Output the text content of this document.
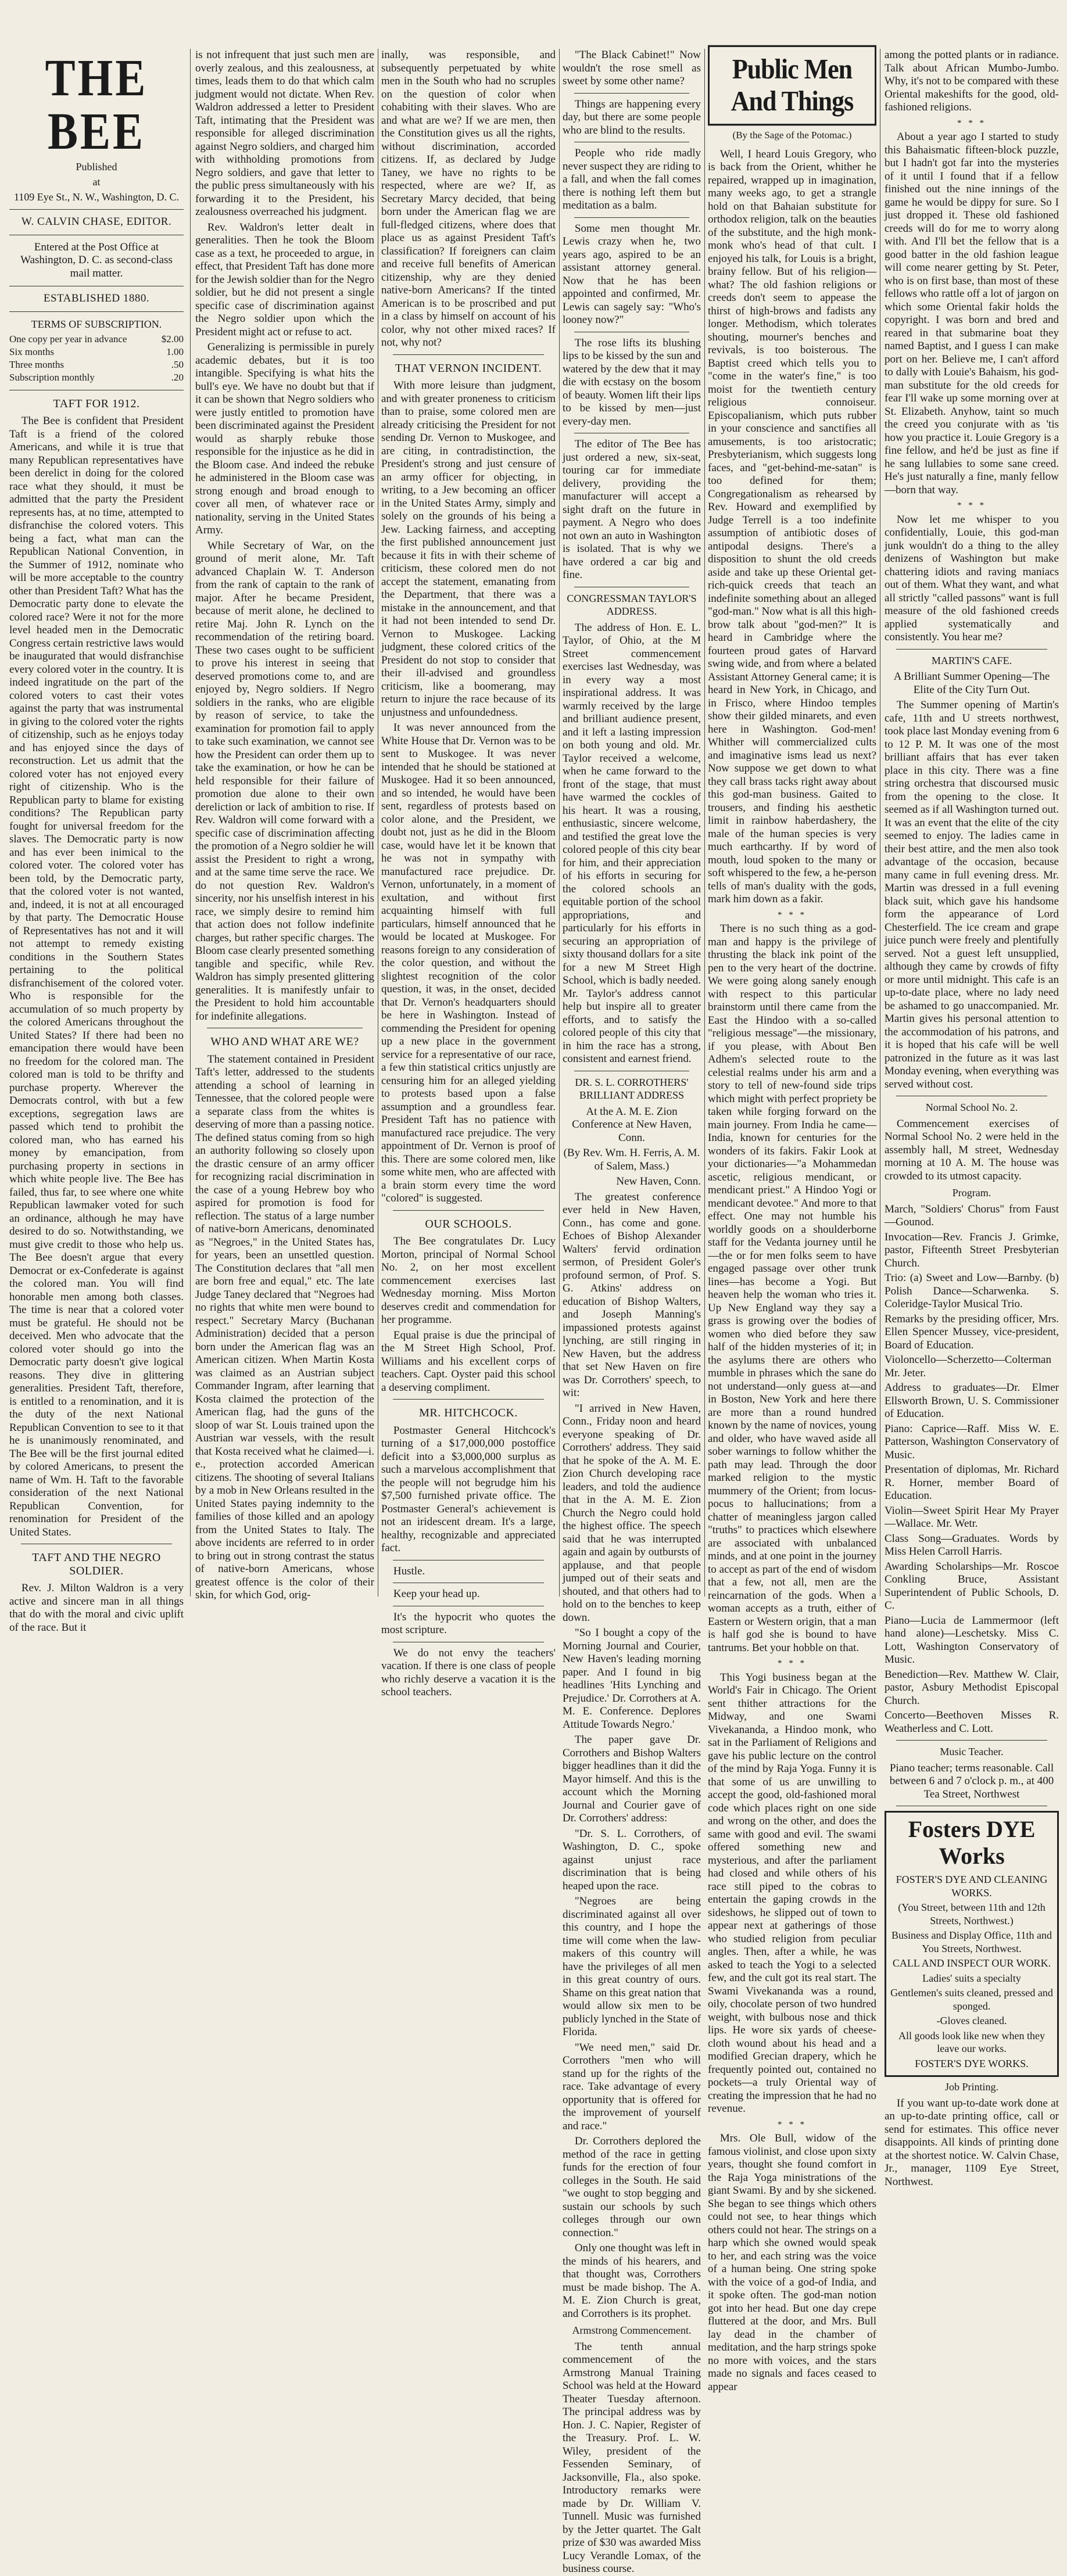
THE BEE
Published
at
1109 Eye St., N. W., Washington, D. C.
W. CALVIN CHASE, EDITOR.

Entered at the Post Office at Washington, D. C. as second-class mail matter.

ESTABLISHED 1880.
TERMS OF SUBSCRIPTION.
One copy per year in advance	$2.00
Six months	1.00
Three months	.50
Subscription monthly	.20
TAFT FOR 1912.

The Bee is confident that President Taft is a friend of the colored Americans, and while it is true that many Republican representatives have been derelict in doing for the colored race what they should, it must be admitted that the party the President represents has, at no time, attempted to disfranchise the colored voters. This being a fact, what man can the Republican National Convention, in the Summer of 1912, nominate who will be more acceptable to the country other than President Taft? What has the Democratic party done to elevate the colored race? Were it not for the more level headed men in the Democratic Congress certain restrictive laws would be inaugurated that would disfranchise every colored voter in the country. It is indeed ingratitude on the part of the colored voters to cast their votes against the party that was instrumental in giving to the colored voter the rights of citizenship, such as he enjoys today and has enjoyed since the days of reconstruction. Let us admit that the colored voter has not enjoyed every right of citizenship. Who is the Republican party to blame for existing conditions? The Republican party fought for universal freedom for the slaves. The Democratic party is now and has ever been inimical to the colored voter. The colored voter has been told, by the Democratic party, that the colored voter is not wanted, and, indeed, it is not at all encouraged by that party. The Democratic House of Representatives has not and it will not attempt to remedy existing conditions in the Southern States pertaining to the political disfranchisement of the colored voter. Who is responsible for the accumulation of so much property by the colored Americans throughout the United States? If there had been no emancipation there would have been no freedom for the colored man. The colored man is told to be thrifty and purchase property. Wherever the Democrats control, with but a few exceptions, segregation laws are passed which tend to prohibit the colored man, who has earned his money by emancipation, from purchasing property in sections in which white people live. The Bee has failed, thus far, to see where one white Republican lawmaker voted for such an ordinance, although he may have desired to do so. Notwithstanding, we must give credit to those who help us. The Bee doesn't argue that every Democrat or ex-Confederate is against the colored man. You will find honorable men among both classes. The time is near that a colored voter must be grateful. He should not be deceived. Men who advocate that the colored voter should go into the Democratic party doesn't give logical reasons. They dive in glittering generalities. President Taft, therefore, is entitled to a renomination, and it is the duty of the next National Republican Convention to see to it that he is unanimously renominated, and The Bee will be the first journal edited by colored Americans, to present the name of Wm. H. Taft to the favorable consideration of the next National Republican Convention, for renomination for President of the United States.

TAFT AND THE NEGRO SOLDIER.

Rev. J. Milton Waldron is a very active and sincere man in all things that do with the moral and civic uplift of the race. But it

is not infrequent that just such men are overly zealous, and this zealousness, at times, leads them to do that which calm judgment would not dictate. When Rev. Waldron addressed a letter to President Taft, intimating that the President was responsible for alleged discrimination against Negro soldiers, and charged him with withholding promotions from Negro soldiers, and gave that letter to the public press simultaneously with his forwarding it to the President, his zealousness overreached his judgment.

Rev. Waldron's letter dealt in generalities. Then he took the Bloom case as a text, he proceeded to argue, in effect, that President Taft has done more for the Jewish soldier than for the Negro soldier, but he did not present a single specific case of discrimination against the Negro soldier upon which the President might act or refuse to act.

Generalizing is permissible in purely academic debates, but it is too intangible. Specifying is what hits the bull's eye. We have no doubt but that if it can be shown that Negro soldiers who were justly entitled to promotion have been discriminated against the President would as sharply rebuke those responsible for the injustice as he did in the Bloom case. And indeed the rebuke he administered in the Bloom case was strong enough and broad enough to cover all men, of whatever race or nationality, serving in the United States Army.

While Secretary of War, on the ground of merit alone, Mr. Taft advanced Chaplain W. T. Anderson from the rank of captain to the rank of major. After he became President, because of merit alone, he declined to retire Maj. John R. Lynch on the recommendation of the retiring board. These two cases ought to be sufficient to prove his interest in seeing that deserved promotions come to, and are enjoyed by, Negro soldiers. If Negro soldiers in the ranks, who are eligible by reason of service, to take the examination for promotion fail to apply to take such examination, we cannot see how the President can order them up to take the examination, or how he can be held responsible for their failure of promotion due alone to their own dereliction or lack of ambition to rise. If Rev. Waldron will come forward with a specific case of discrimination affecting the promotion of a Negro soldier he will assist the President to right a wrong, and at the same time serve the race. We do not question Rev. Waldron's sincerity, nor his unselfish interest in his race, we simply desire to remind him that action does not follow indefinite charges, but rather specific charges. The Bloom case clearly presented something tangible and specific, while Rev. Waldron has simply presented glittering generalities. It is manifestly unfair to the President to hold him accountable for indefinite allegations.

WHO AND WHAT ARE WE?

The statement contained in President Taft's letter, addressed to the students attending a school of learning in Tennessee, that the colored people were a separate class from the whites is deserving of more than a passing notice. The defined status coming from so high an authority following so closely upon the drastic censure of an army officer for recognizing racial discrimination in the case of a young Hebrew boy who aspired for promotion is food for reflection. The status of a large number of native-born Americans, denominated as "Negroes," in the United States has, for years, been an unsettled question. The Constitution declares that "all men are born free and equal," etc. The late Judge Taney declared that "Negroes had no rights that white men were bound to respect." Secretary Marcy (Buchanan Administration) decided that a person born under the American flag was an American citizen. When Martin Kosta was claimed as an Austrian subject Commander Ingram, after learning that Kosta claimed the protection of the American flag, had the guns of the sloop of war St. Louis trained upon the Austrian war vessels, with the result that Kosta received what he claimed—i. e., protection accorded American citizens. The shooting of several Italians by a mob in New Orleans resulted in the United States paying indemnity to the families of those killed and an apology from the United States to Italy. The above incidents are referred to in order to bring out in strong contrast the status of native-born Americans, whose greatest offence is the color of their skin, for which God, orig-

inally, was responsible, and subsequently perpetuated by white men in the South who had no scruples on the question of color when cohabiting with their slaves. Who are and what are we? If we are men, then the Constitution gives us all the rights, without discrimination, accorded citizens. If, as declared by Judge Taney, we have no rights to be respected, where are we? If, as Secretary Marcy decided, that being born under the American flag we are full-fledged citizens, where does that place us as against President Taft's classification? If foreigners can claim and receive full benefits of American citizenship, why are they denied native-born Americans? If the tinted American is to be proscribed and put in a class by himself on account of his color, why not other mixed races? If not, why not?

THAT VERNON INCIDENT.

With more leisure than judgment, and with greater proneness to criticism than to praise, some colored men are already criticising the President for not sending Dr. Vernon to Muskogee, and are citing, in contradistinction, the President's strong and just censure of an army officer for objecting, in writing, to a Jew becoming an officer in the United States Army, simply and solely on the grounds of his being a Jew. Lacking fairness, and accepting the first published announcement just because it fits in with their scheme of criticism, these colored men do not accept the statement, emanating from the Department, that there was a mistake in the announcement, and that it had not been intended to send Dr. Vernon to Muskogee. Lacking judgment, these colored critics of the President do not stop to consider that their ill-advised and groundless criticism, like a boomerang, may return to injure the race because of its unjustness and unfoundedness.

It was never announced from the White House that Dr. Vernon was to be sent to Muskogee. It was never intended that he should be stationed at Muskogee. Had it so been announced, and so intended, he would have been sent, regardless of protests based on color alone, and the President, we doubt not, just as he did in the Bloom case, would have let it be known that he was not in sympathy with manufactured race prejudice. Dr. Vernon, unfortunately, in a moment of exultation, and without first acquainting himself with full particulars, himself announced that he would be located at Muskogee. For reasons foreign to any consideration of the color question, and without the slightest recognition of the color question, it was, in the onset, decided that Dr. Vernon's headquarters should be here in Washington. Instead of commending the President for opening up a new place in the government service for a representative of our race, a few thin statistical critics unjustly are censuring him for an alleged yielding to protests based upon a false assumption and a groundless fear. President Taft has no patience with manufactured race prejudice. The very appointment of Dr. Vernon is proof of this. There are some colored men, like some white men, who are affected with a brain storm every time the word "colored" is suggested.

OUR SCHOOLS.

The Bee congratulates Dr. Lucy Morton, principal of Normal School No. 2, on her most excellent commencement exercises last Wednesday morning. Miss Morton deserves credit and commendation for her programme.

Equal praise is due the principal of the M Street High School, Prof. Williams and his excellent corps of teachers. Capt. Oyster paid this school a deserving compliment.

MR. HITCHCOCK.

Postmaster General Hitchcock's turning of a $17,000,000 postoffice deficit into a $3,000,000 surplus as such a marvelous accomplishment that the people will not begrudge him his $7,500 furnished private office. The Postmaster General's achievement is not an iridescent dream. It's a large, healthy, recognizable and appreciated fact.

Hustle.

Keep your head up.

It's the hypocrit who quotes the most scripture.

We do not envy the teachers' vacation. If there is one class of people who richly deserve a vacation it is the school teachers.

"The Black Cabinet!" Now wouldn't the rose smell as sweet by some other name?

Things are happening every day, but there are some people who are blind to the results.

People who ride madly never suspect they are riding to a fall, and when the fall comes there is nothing left them but meditation as a balm.

Some men thought Mr. Lewis crazy when he, two years ago, aspired to be an assistant attorney general. Now that he has been appointed and confirmed, Mr. Lewis can sagely say: "Who's looney now?"

The rose lifts its blushing lips to be kissed by the sun and watered by the dew that it may die with ecstasy on the bosom of beauty. Women lift their lips to be kissed by men—just every-day men.

The editor of The Bee has just ordered a new, six-seat, touring car for immediate delivery, providing the manufacturer will accept a sight draft on the future in payment. A Negro who does not own an auto in Washington is isolated. That is why we have ordered a car big and fine.

CONGRESSMAN TAYLOR'S ADDRESS.

The address of Hon. E. L. Taylor, of Ohio, at the M Street commencement exercises last Wednesday, was in every way a most inspirational address. It was warmly received by the large and brilliant audience present, and it left a lasting impression on both young and old. Mr. Taylor received a welcome, when he came forward to the front of the stage, that must have warmed the cockles of his heart. It was a rousing, enthusiastic, sincere welcome, and testified the great love the colored people of this city bear for him, and their appreciation of his efforts in securing for the colored schools an equitable portion of the school appropriations, and particularly for his efforts in securing an appropriation of sixty thousand dollars for a site for a new M Street High School, which is badly needed. Mr. Taylor's address cannot help but inspire all to greater efforts, and to satisfy the colored people of this city that in him the race has a strong, consistent and earnest friend.

DR. S. L. CORROTHERS' BRILLIANT ADDRESS

At the A. M. E. Zion Conference at New Haven, Conn.

(By Rev. Wm. H. Ferris, A. M. of Salem, Mass.)

New Haven, Conn.

The greatest conference ever held in New Haven, Conn., has come and gone. Echoes of Bishop Alexander Walters' fervid ordination sermon, of President Goler's profound sermon, of Prof. S. G. Atkins' address on education of Bishop Walters, and Joseph Manning's impassioned protests against lynching, are still ringing in New Haven, but the address that set New Haven on fire was Dr. Corrothers' speech, to wit:

"I arrived in New Haven, Conn., Friday noon and heard everyone speaking of Dr. Corrothers' address. They said that he spoke of the A. M. E. Zion Church developing race leaders, and told the audience that in the A. M. E. Zion Church the Negro could hold the highest office. The speech said that he was interrupted again and again by outbursts of applause, and that people jumped out of their seats and shouted, and that others had to hold on to the benches to keep down.

"So I bought a copy of the Morning Journal and Courier, New Haven's leading morning paper. And I found in big headlines 'Hits Lynching and Prejudice.' Dr. Corrothers at A. M. E. Conference. Deplores Attitude Towards Negro.'

The paper gave Dr. Corrothers and Bishop Walters bigger headlines than it did the Mayor himself. And this is the account which the Morning Journal and Courier gave of Dr. Corrothers' address:

"Dr. S. L. Corrothers, of Washington, D. C., spoke against unjust race discrimination that is being heaped upon the race.

"Negroes are being discriminated against all over this country, and I hope the time will come when the law-makers of this country will have the privileges of all men in this great country of ours. Shame on this great nation that would allow six men to be publicly lynched in the State of Florida.

"We need men," said Dr. Corrothers "men who will stand up for the rights of the race. Take advantage of every opportunity that is offered for the improvement of yourself and race."

Dr. Corrothers deplored the method of the race in getting funds for the erection of four colleges in the South. He said "we ought to stop begging and sustain our schools by such colleges through our own connection."

Only one thought was left in the minds of his hearers, and that thought was, Corrothers must be made bishop. The A. M. E. Zion Church is great, and Corrothers is its prophet.

Armstrong Commencement.

The tenth annual commencement of the Armstrong Manual Training School was held at the Howard Theater Tuesday afternoon. The principal address was by Hon. J. C. Napier, Register of the Treasury. Prof. L. W. Wiley, president of the Fessenden Seminary, of Jacksonville, Fla., also spoke. Introductory remarks were made by Dr. William V. Tunnell. Music was furnished by the Jetter quartet. The Galt prize of $30 was awarded Miss Lucy Verandle Lomax, of the business course.

Public Men And Things
(By the Sage of the Potomac.)

Well, I heard Louis Gregory, who is back from the Orient, whither he repaired, wrapped up in imagination, many weeks ago, to get a strangle hold on that Bahaian substitute for orthodox religion, talk on the beauties of the substitute, and the high monk-monk who's head of that cult. I enjoyed his talk, for Louis is a bright, brainy fellow. But of his religion—what? The old fashion religions or creeds don't seem to appease the thirst of high-brows and fadists any longer. Methodism, which tolerates shouting, mourner's benches and revivals, is too boisterous. The Baptist creed which tells you to "come in the water's fine," is too moist for the twentieth century religious connoiseur. Episcopalianism, which puts rubber in your conscience and sanctifies all amusements, is too aristocratic; Presbyterianism, which suggests long faces, and "get-behind-me-satan" is too defined for them; Congregationalism as rehearsed by Rev. Howard and exemplified by Judge Terrell is a too indefinite assumption of antibiotic doses of antipodal designs. There's a disposition to shunt the old creeds aside and take up these Oriental get-rich-quick creeds that teach an indefinite something about an alleged "god-man." Now what is all this high-brow talk about "god-men?" It is heard in Cambridge where the fourteen proud gates of Harvard swing wide, and from where a belated Assistant Attorney General came; it is heard in New York, in Chicago, and in Frisco, where Hindoo temples show their gilded minarets, and even here in Washington. God-men! Whither will commercialized cults and imaginative isms lead us next? Now suppose we get down to what they call brass tacks right away about this god-man business. Gaited to trousers, and finding his aesthetic limit in rainbow haberdashery, the male of the human species is very much earthcarthy. If by word of mouth, loud spoken to the many or soft whispered to the few, a he-person tells of man's duality with the gods, mark him down as a fakir.

* * *

There is no such thing as a god-man and happy is the privilege of thrusting the black ink point of the pen to the very heart of the doctrine. We were going along sanely enough with respect to this particular brainstorm until there came from the East the Hindoo with a so-called "religious message"—the missionary, if you please, with About Ben Adhem's selected route to the celestial realms under his arm and a story to tell of new-found side trips which might with perfect propriety be taken while forging forward on the main journey. From India he came—India, known for centuries for the wonders of its fakirs. Fakir Look at your dictionaries—"a Mohammedan ascetic, religious mendicant, or mendicant priest." A Hindoo Yogi or mendicant devotee." And more to that effect. One may not humble his worldly goods on a shoulderborne staff for the Vedanta journey until he—the or for men folks seem to have engaged passage over other trunk lines—has become a Yogi. But heaven help the woman who tries it. Up New England way they say a grass is growing over the bodies of women who died before they saw half of the hidden mysteries of it; in the asylums there are others who mumble in phrases which the sane do not understand—only guess at—and in Boston, New York and here there are more than a round hundred known by the name of novices, young and older, who have waved aside all sober warnings to follow whither the path may lead. Through the door marked religion to the mystic mummery of the Orient; from locus-pocus to hallucinations; from a chatter of meaningless jargon called "truths" to practices which elsewhere are associated with unbalanced minds, and at one point in the journey to accept as part of the end of wisdom that a few, not all, men are the reincarnation of the gods. When a woman accepts as a truth, either of Eastern or Western origin, that a man is half god she is bound to have tantrums. Bet your hobble on that.

* * *

This Yogi business began at the World's Fair in Chicago. The Orient sent thither attractions for the Midway, and one Swami Vivekananda, a Hindoo monk, who sat in the Parliament of Religions and gave his public lecture on the control of the mind by Raja Yoga. Funny it is that some of us are unwilling to accept the good, old-fashioned moral code which places right on one side and wrong on the other, and does the same with good and evil. The swami offered something new and mysterious, and after the parliament had closed and while others of his race still piped to the cobras to entertain the gaping crowds in the sideshows, he slipped out of town to appear next at gatherings of those who studied religion from peculiar angles. Then, after a while, he was asked to teach the Yogi to a selected few, and the cult got its real start. The Swami Vivekananda was a round, oily, chocolate person of two hundred weight, with bulbous nose and thick lips. He wore six yards of cheese-cloth wound about his head and a modified Grecian drapery, which he frequently pointed out, contained no pockets—a truly Oriental way of creating the impression that he had no revenue.

* * *

Mrs. Ole Bull, widow of the famous violinist, and close upon sixty years, thought she found comfort in the Raja Yoga ministrations of the giant Swami. By and by she sickened. She began to see things which others could not see, to hear things which others could not hear. The strings on a harp which she owned would speak to her, and each string was the voice of a human being. One string spoke with the voice of a god-of India, and it spoke often. The god-man notion got into her head. But one day crepe fluttered at the door, and Mrs. Bull lay dead in the chamber of meditation, and the harp strings spoke no more with voices, and the stars made no signals and faces ceased to appear

among the potted plants or in radiance. Talk about African Mumbo-Jumbo. Why, it's not to be compared with these Oriental makeshifts for the good, old-fashioned religions.

* * *

About a year ago I started to study this Bahaismatic fifteen-block puzzle, but I hadn't got far into the mysteries of it until I found that if a fellow finished out the nine innings of the game he would be dippy for sure. So I just dropped it. These old fashioned creeds will do for me to worry along with. And I'll bet the fellow that is a good batter in the old fashion league will come nearer getting by St. Peter, who is on first base, than most of these fellows who rattle off a lot of jargon on which some Oriental fakir holds the copyright. I was born and bred and reared in that submarine boat they named Baptist, and I guess I can make port on her. Believe me, I can't afford to dally with Louie's Bahaism, his god-man substitute for the old creeds for fear I'll wake up some morning over at St. Elizabeth. Anyhow, taint so much the creed you conjurate with as 'tis how you practice it. Louie Gregory is a fine fellow, and he'd be just as fine if he sang lullabies to some sane creed. He's just naturally a fine, manly fellow—born that way.

* * *

Now let me whisper to you confidentially, Louie, this god-man junk wouldn't do a thing to the alley denizens of Washington but make chattering idiots and raving maniacs out of them. What they want, and what all strictly "called passons" want is full measure of the old fashioned creeds applied systematically and consistently. You hear me?

MARTIN'S CAFE.

A Brilliant Summer Opening—The Elite of the City Turn Out.

The Summer opening of Martin's cafe, 11th and U streets northwest, took place last Monday evening from 6 to 12 P. M. It was one of the most brilliant affairs that has ever taken place in this city. There was a fine string orchestra that discoursed music from the opening to the close. It seemed as if all Washington turned out. It was an event that the elite of the city seemed to enjoy. The ladies came in their best attire, and the men also took advantage of the occasion, because many came in full evening dress. Mr. Martin was dressed in a full evening black suit, which gave his handsome form the appearance of Lord Chesterfield. The ice cream and grape juice punch were freely and plentifully served. Not a guest left unsupplied, although they came by crowds of fifty or more until midnight. This cafe is an up-to-date place, where no lady need be ashamed to go unaccompanied. Mr. Martin gives his personal attention to the accommodation of his patrons, and it is hoped that his cafe will be well patronized in the future as it was last Monday evening, when everything was served without cost.

Normal School No. 2.

Commencement exercises of Normal School No. 2 were held in the assembly hall, M street, Wednesday morning at 10 A. M. The house was crowded to its utmost capacity.

Program.

March, "Soldiers' Chorus" from Faust—Gounod.

Invocation—Rev. Francis J. Grimke, pastor, Fifteenth Street Presbyterian Church.

Trio: (a) Sweet and Low—Barnby. (b) Polish Dance—Scharwenka. S. Coleridge-Taylor Musical Trio.

Remarks by the presiding officer, Mrs. Ellen Spencer Mussey, vice-president, Board of Education.

Violoncello—Scherzetto—Colterman Mr. Jeter.

Address to graduates—Dr. Elmer Ellsworth Brown, U. S. Commissioner of Education.

Piano: Caprice—Raff. Miss W. E. Patterson, Washington Conservatory of Music.

Presentation of diplomas, Mr. Richard R. Horner, member Board of Education.

Violin—Sweet Spirit Hear My Prayer—Wallace. Mr. Wetr.

Class Song—Graduates. Words by Miss Helen Carroll Harris.

Awarding Scholarships—Mr. Roscoe Conkling Bruce, Assistant Superintendent of Public Schools, D. C.

Piano—Lucia de Lammermoor (left hand alone)—Leschetsky. Miss C. Lott, Washington Conservatory of Music.

Benediction—Rev. Matthew W. Clair, pastor, Asbury Methodist Episcopal Church.

Concerto—Beethoven Misses R. Weatherless and C. Lott.

Music Teacher.

Piano teacher; terms reasonable. Call between 6 and 7 o'clock p. m., at 400 Tea Street, Northwest

Fosters DYE Works

FOSTER'S DYE AND CLEANING WORKS.

(You Street, between 11th and 12th Streets, Northwest.)

Business and Display Office, 11th and You Streets, Northwest.

CALL AND INSPECT OUR WORK.

Ladies' suits a specialty

Gentlemen's suits cleaned, pressed and sponged.

-Gloves cleaned.

All goods look like new when they leave our works.

FOSTER'S DYE WORKS.

Job Printing.

If you want up-to-date work done at an up-to-date printing office, call or send for estimates. This office never disappoints. All kinds of printing done at the shortest notice. W. Calvin Chase, Jr., manager, 1109 Eye Street, Northwest.
